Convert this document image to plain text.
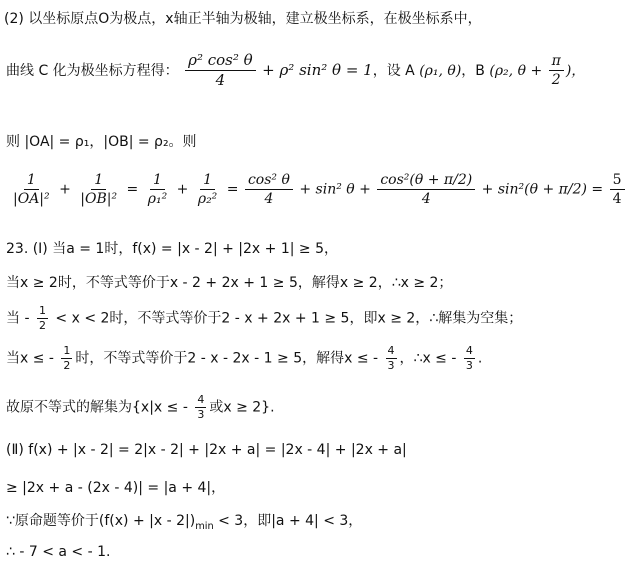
(2) 以坐标原点O为极点，x轴正半轴为极轴，建立极坐标系，在极坐标系中，
曲线 C 化为极坐标方程得： $\frac{\text{ρ² cos² θ}}{4} + \rho^2$ sin² θ = 1，设 A (ρ₁, θ)，B (ρ₂, $\theta + \frac{\pi}{2}$ )，
则 |OA| = ρ₁，|OB| = ρ₂。则
$\frac{1}{\text{|OA|²}} + \frac{1}{\text{|OB|²}} = \frac{1}{\text{ρ₁²}} + \frac{1}{\text{ρ₂²}} = \frac{\text{cos² θ}}{4} + \sin^2$ $\theta + \frac{\text{cos²(θ + π/2)}}{4} + \sin^2(\theta + \pi/2) = \frac{5}{4}$
23. (Ⅰ) 当a = 1时，f(x) = |x - 2| + |2x + 1| ≥ 5，
当x ≥ 2时，不等式等价于x - 2 + 2x + 1 ≥ 5，解得x ≥ 2，∴x ≥ 2；
当 - $\frac{1}{2} < x < 2$时，不等式等价于2 - x + 2x + 1 ≥ 5，即x ≥ 2，∴解集为空集；
当x ≤ - $\frac{1}{2}$ 时，不等式等价于2 - x - 2x - 1 ≥ 5，解得x ≤ - $\frac{4}{3}$ ，∴x ≤ - $\frac{4}{3}$ .
故原不等式的解集为{x|x ≤ - $\frac{4}{3}$ 或x ≥ 2}.
(Ⅱ) f(x) + |x - 2| = 2|x - 2| + |2x + a| = |2x - 4| + |2x + a|
≥ |2x + a - (2x - 4)| = |a + 4|，
∵原命题等价于$(f(x) + |x - 2|)_{min} < 3$，即|a + 4| < 3，
∴ - 7 < a < - 1.
